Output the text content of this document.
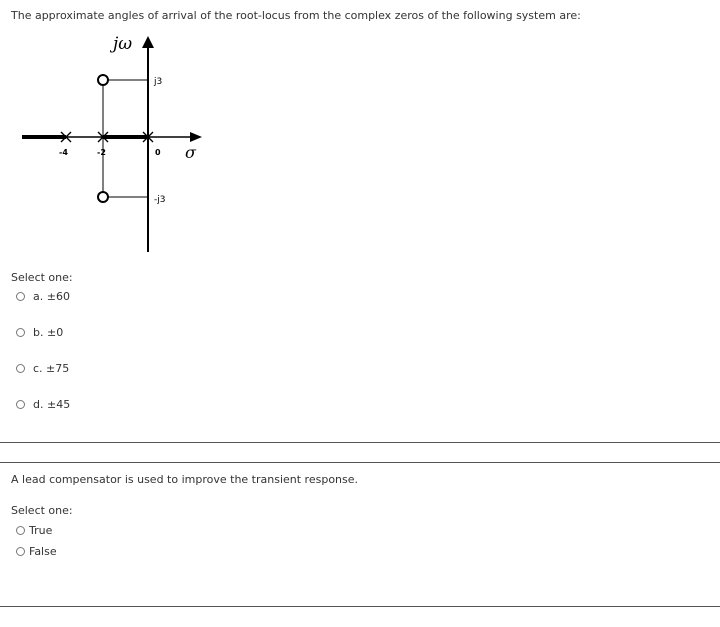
The approximate angles of arrival of the root-locus from the complex zeros of the following system are:
jω
σ
j3
-j3
-4	-2	0
Select one:
a. ±60
b. ±0
c. ±75
d. ±45
A lead compensator is used to improve the transient response.
Select one:
True
False
